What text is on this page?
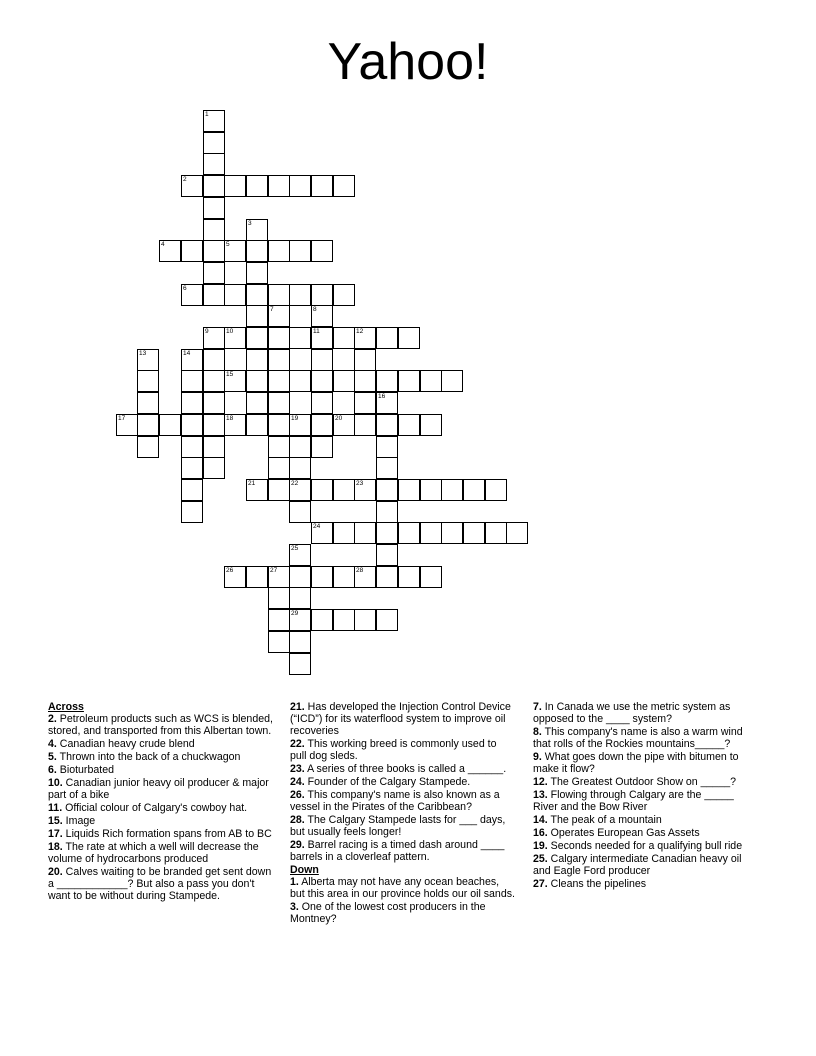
Yahoo!
1
2
3
4	5
6
7	8
11
9	10	12
13	14
15
16
17	18	19
22
20
21	23
24
25
29
26	27	28
Across
2. Petroleum products such as WCS is blended, stored, and transported from this Albertan town.
4. Canadian heavy crude blend
5. Thrown into the back of a chuckwagon
6. Bioturbated
10. Canadian junior heavy oil producer & major part of a bike
11. Official colour of Calgary's cowboy hat.
15. Image
17. Liquids Rich formation spans from AB to BC
18. The rate at which a well will decrease the volume of hydrocarbons produced
20. Calves waiting to be branded get sent down a ____________? But also a pass you don't want to be without during Stampede.
21. Has developed the Injection Control Device (“ICD”) for its waterflood system to improve oil recoveries
22. This working breed is commonly used to pull dog sleds.
23. A series of three books is called a ______.
24. Founder of the Calgary Stampede.
26. This company's name is also known as a vessel in the Pirates of the Caribbean?
28. The Calgary Stampede lasts for ___ days, but usually feels longer!
29. Barrel racing is a timed dash around ____ barrels in a cloverleaf pattern.
Down
1. Alberta may not have any ocean beaches, but this area in our province holds our oil sands.
3. One of the lowest cost producers in the Montney?
7. In Canada we use the metric system as opposed to the ____ system?
8. This company's name is also a warm wind that rolls of the Rockies mountains_____?
9. What goes down the pipe with bitumen to make it flow?
12. The Greatest Outdoor Show on _____?
13. Flowing through Calgary are the _____ River and the Bow River
14. The peak of a mountain
16. Operates European Gas Assets
19. Seconds needed for a qualifying bull ride
25. Calgary intermediate Canadian heavy oil and Eagle Ford producer
27. Cleans the pipelines
